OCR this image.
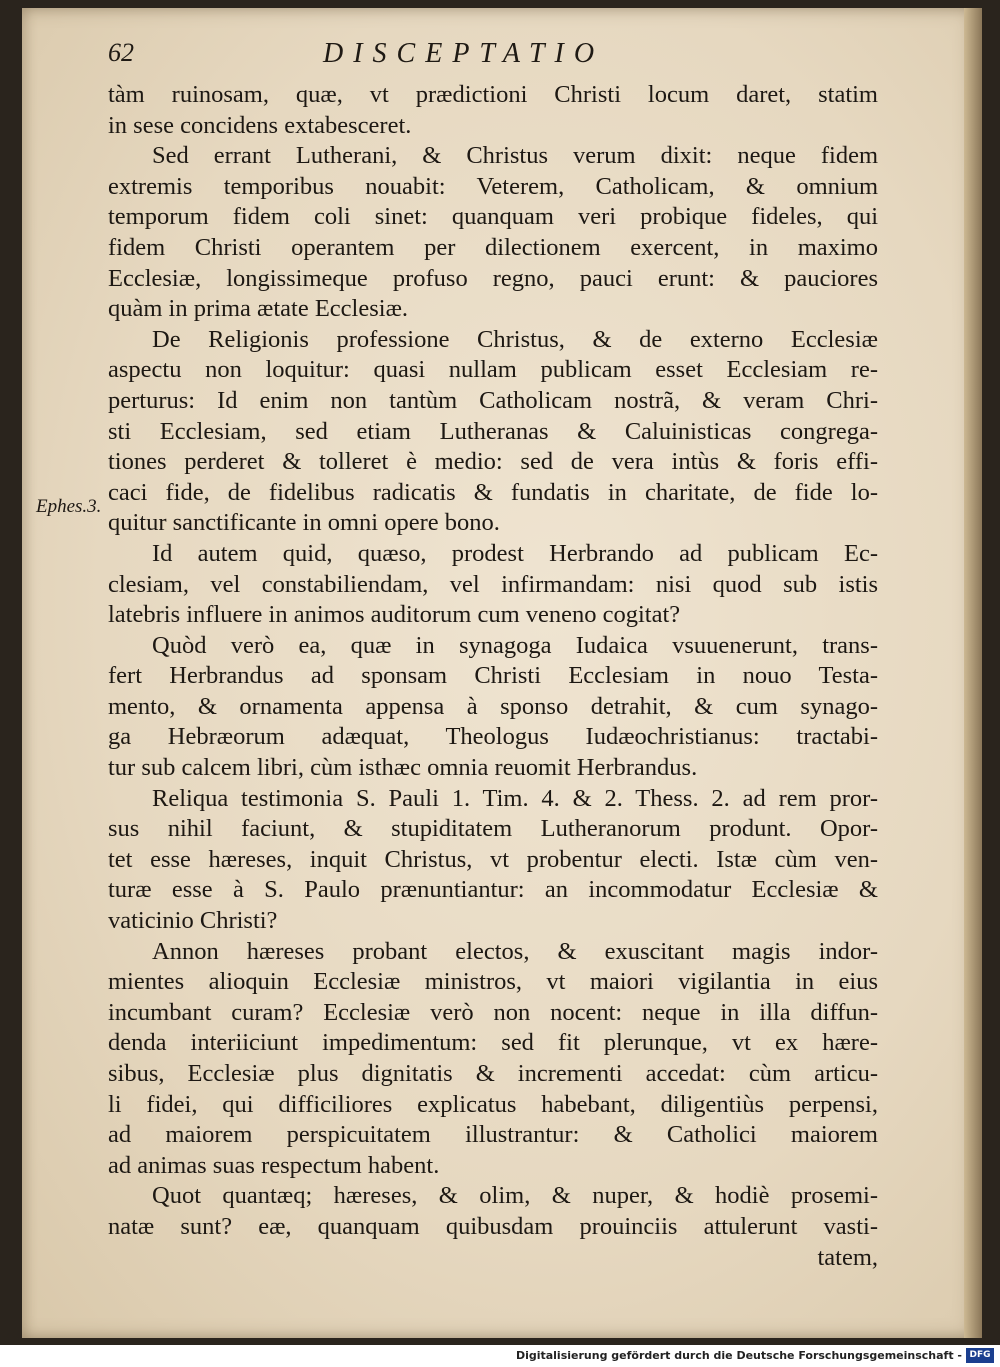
62	DISCEPTATIO
Ephes.3.
tàm ruinosam, quæ, vt prædictioni Christi locum daret, statim
in sese concidens extabesceret.
Sed errant Lutherani, & Christus verum dixit: neque fidem
extremis temporibus nouabit: Veterem, Catholicam, & omnium
temporum fidem coli sinet: quanquam veri probique fideles, qui
fidem Christi operantem per dilectionem exercent, in maximo
Ecclesiæ, longissimeque profuso regno, pauci erunt: & pauciores
quàm in prima ætate Ecclesiæ.
De Religionis professione Christus, & de externo Ecclesiæ
aspectu non loquitur: quasi nullam publicam esset Ecclesiam re-
perturus: Id enim non tantùm Catholicam nostrã, & veram Chri-
sti Ecclesiam, sed etiam Lutheranas & Caluinisticas congrega-
tiones perderet & tolleret è medio: sed de vera intùs & foris effi-
caci fide, de fidelibus radicatis & fundatis in charitate, de fide lo-
quitur sanctificante in omni opere bono.
Id autem quid, quæso, prodest Herbrando ad publicam Ec-
clesiam, vel constabiliendam, vel infirmandam: nisi quod sub istis
latebris influere in animos auditorum cum veneno cogitat?
Quòd verò ea, quæ in synagoga Iudaica vsuuenerunt, trans-
fert Herbrandus ad sponsam Christi Ecclesiam in nouo Testa-
mento, & ornamenta appensa à sponso detrahit, & cum synago-
ga Hebræorum adæquat, Theologus Iudæochristianus: tractabi-
tur sub calcem libri, cùm isthæc omnia reuomit Herbrandus.
Reliqua testimonia S. Pauli 1. Tim. 4. & 2. Thess. 2. ad rem pror-
sus nihil faciunt, & stupiditatem Lutheranorum produnt. Opor-
tet esse hæreses, inquit Christus, vt probentur electi. Istæ cùm ven-
turæ esse à S. Paulo prænuntiantur: an incommodatur Ecclesiæ &
vaticinio Christi?
Annon hæreses probant electos, & exuscitant magis indor-
mientes alioquin Ecclesiæ ministros, vt maiori vigilantia in eius
incumbant curam? Ecclesiæ verò non nocent: neque in illa diffun-
denda interiiciunt impedimentum: sed fit plerunque, vt ex hære-
sibus, Ecclesiæ plus dignitatis & incrementi accedat: cùm articu-
li fidei, qui difficiliores explicatus habebant, diligentiùs perpensi,
ad maiorem perspicuitatem illustrantur: & Catholici maiorem
ad animas suas respectum habent.
Quot quantæq; hæreses, & olim, & nuper, & hodiè prosemi-
natæ sunt? eæ, quanquam quibusdam prouinciis attulerunt vasti-
tatem,
Digitalisierung gefördert durch die Deutsche Forschungsgemeinschaft - DFG
